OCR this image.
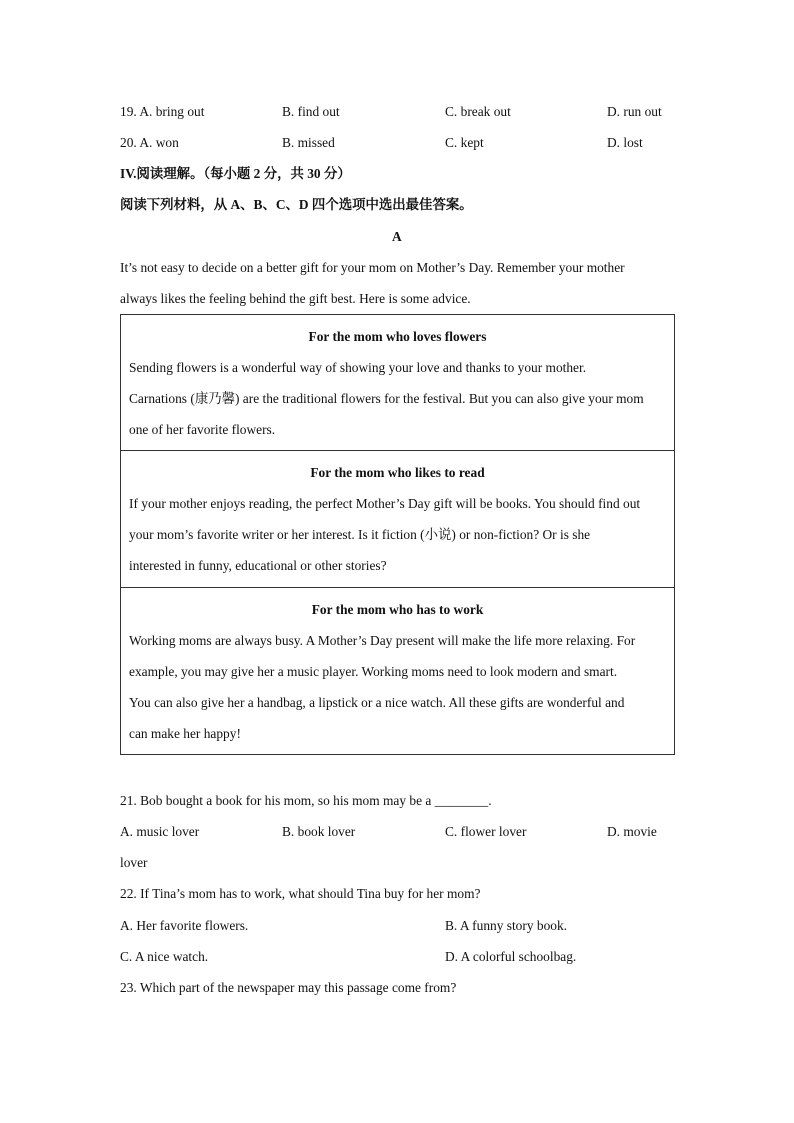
19. A. bring out	B. find out	C. break out	D. run out
20. A. won	B. missed	C. kept	D. lost
IV.阅读理解。（每小题 2 分，共 30 分）
阅读下列材料，从 A、B、C、D 四个选项中选出最佳答案。
A
It’s not easy to decide on a better gift for your mom on Mother’s Day. Remember your mother
always likes the feeling behind the gift best. Here is some advice.
For the mom who loves flowers
Sending flowers is a wonderful way of showing your love and thanks to your mother.
Carnations (康乃馨) are the traditional flowers for the festival. But you can also give your mom
one of her favorite flowers.
For the mom who likes to read
If your mother enjoys reading, the perfect Mother’s Day gift will be books. You should find out
your mom’s favorite writer or her interest. Is it fiction (小说) or non-fiction? Or is she
interested in funny, educational or other stories?
For the mom who has to work
Working moms are always busy. A Mother’s Day present will make the life more relaxing. For
example, you may give her a music player. Working moms need to look modern and smart.
You can also give her a handbag, a lipstick or a nice watch. All these gifts are wonderful and
can make her happy!
21. Bob bought a book for his mom, so his mom may be a ________.
A. music lover	B. book lover	C. flower lover	D. movie
lover
22. If Tina’s mom has to work, what should Tina buy for her mom?
A. Her favorite flowers.	B. A funny story book.
C. A nice watch.	D. A colorful schoolbag.
23. Which part of the newspaper may this passage come from?
